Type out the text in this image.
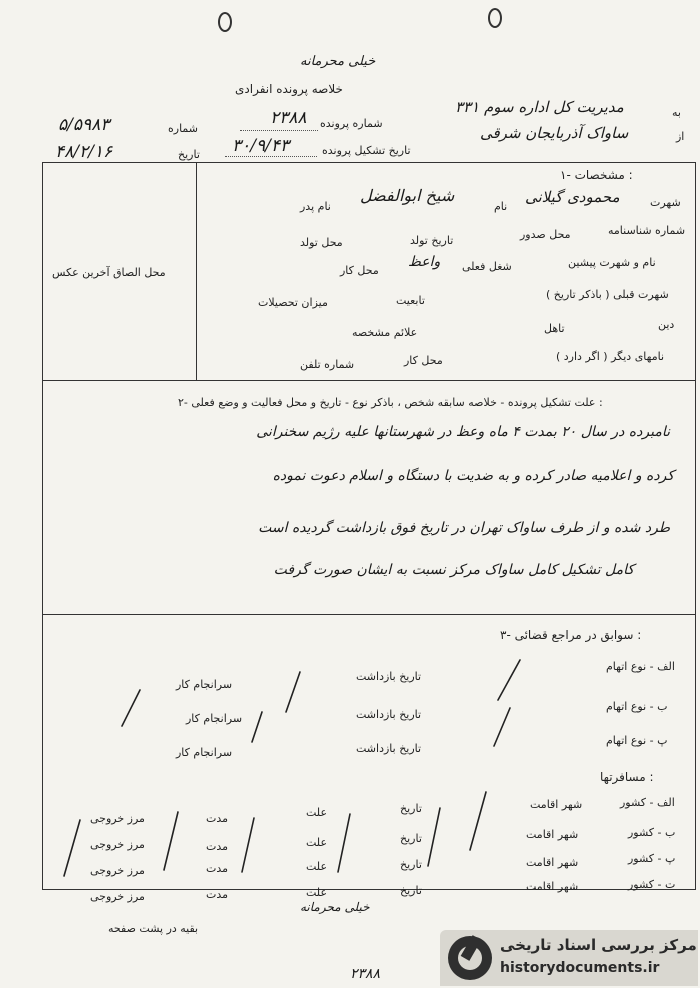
خیلی محرمانه
خلاصه پرونده انفرادی
شماره پرونده
۲۳۸۸
تاریخ تشکیل پرونده
۳۰/۹/۴۳
شماره
۵/۵۹۸۳
تاریخ
۴۸/۲/۱۶
به
مدیریت کل اداره سوم ۳۳۱
از
ساواک آذربایجان شرقی
۱- مشخصات :
محل الصاق آخرین عکس
شهرت
محمودی گیلانی
نام
شیخ ابوالفضل
نام پدر
شماره شناسنامه
محل صدور
تاریخ تولد
محل تولد
نام و شهرت پیشین
شغل فعلی
واعظ
محل کار
شهرت قبلی ( باذکر تاریخ )
تابعیت
میزان تحصیلات
دین
تاهل
علائم مشخصه
نامهای دیگر ( اگر دارد )
محل کار
شماره تلفن
۲- علت تشکیل پرونده - خلاصه سابقه شخص ، باذکر نوع - تاریخ و محل فعالیت و وضع فعلی :
نامبرده در سال ۲۰ بمدت ۴ ماه وعظ در شهرستانها علیه رژیم سخنرانی
کرده و اعلامیه صادر کرده و به ضدیت با دستگاه و اسلام دعوت نموده
طرد شده و از طرف ساواک تهران در تاریخ فوق بازداشت گردیده است
کامل تشکیل کامل ساواک مرکز نسبت به ایشان صورت گرفت
۳- سوابق در مراجع قضائی :
الف - نوع اتهام
تاریخ بازداشت
سرانجام کار
ب - نوع اتهام
تاریخ بازداشت
سرانجام کار
پ - نوع اتهام
تاریخ بازداشت
سرانجام کار
مسافرتها :
الف - کشور
شهر اقامت
تاریخ
علت
مدت
مرز خروجی
ب - کشور
شهر اقامت
تاریخ
علت
مدت
مرز خروجی
پ - کشور
شهر اقامت
تاریخ
علت
مدت
مرز خروجی
ت - کشور
شهر اقامت
تاریخ
علت
مدت
مرز خروجی
خیلی محرمانه
بقیه در پشت صفحه
۲۳۸۸
مرکز بررسی اسناد تاریخی
historydocuments.ir
